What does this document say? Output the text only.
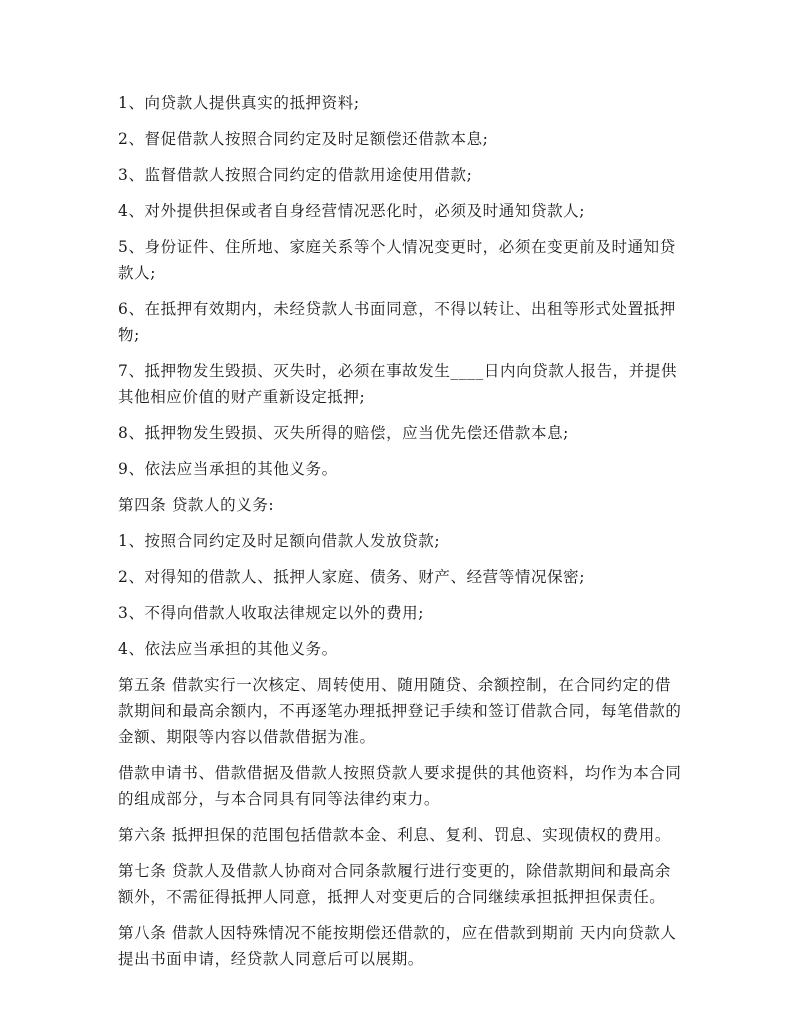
1、向贷款人提供真实的抵押资料;

2、督促借款人按照合同约定及时足额偿还借款本息;

3、监督借款人按照合同约定的借款用途使用借款;

4、对外提供担保或者自身经营情况恶化时，必须及时通知贷款人;

5、身份证件、住所地、家庭关系等个人情况变更时，必须在变更前及时通知贷款人;

6、在抵押有效期内，未经贷款人书面同意，不得以转让、出租等形式处置抵押物;

7、抵押物发生毁损、灭失时，必须在事故发生____日内向贷款人报告，并提供其他相应价值的财产重新设定抵押;

8、抵押物发生毁损、灭失所得的赔偿，应当优先偿还借款本息;

9、依法应当承担的其他义务。

第四条 贷款人的义务:

1、按照合同约定及时足额向借款人发放贷款;

2、对得知的借款人、抵押人家庭、债务、财产、经营等情况保密;

3、不得向借款人收取法律规定以外的费用;

4、依法应当承担的其他义务。

第五条 借款实行一次核定、周转使用、随用随贷、余额控制，在合同约定的借款期间和最高余额内，不再逐笔办理抵押登记手续和签订借款合同，每笔借款的金额、期限等内容以借款借据为准。

借款申请书、借款借据及借款人按照贷款人要求提供的其他资料，均作为本合同的组成部分，与本合同具有同等法律约束力。

第六条 抵押担保的范围包括借款本金、利息、复利、罚息、实现债权的费用。

第七条 贷款人及借款人协商对合同条款履行进行变更的，除借款期间和最高余额外，不需征得抵押人同意，抵押人对变更后的合同继续承担抵押担保责任。

第八条 借款人因特殊情况不能按期偿还借款的，应在借款到期前 天内向贷款人提出书面申请，经贷款人同意后可以展期。
